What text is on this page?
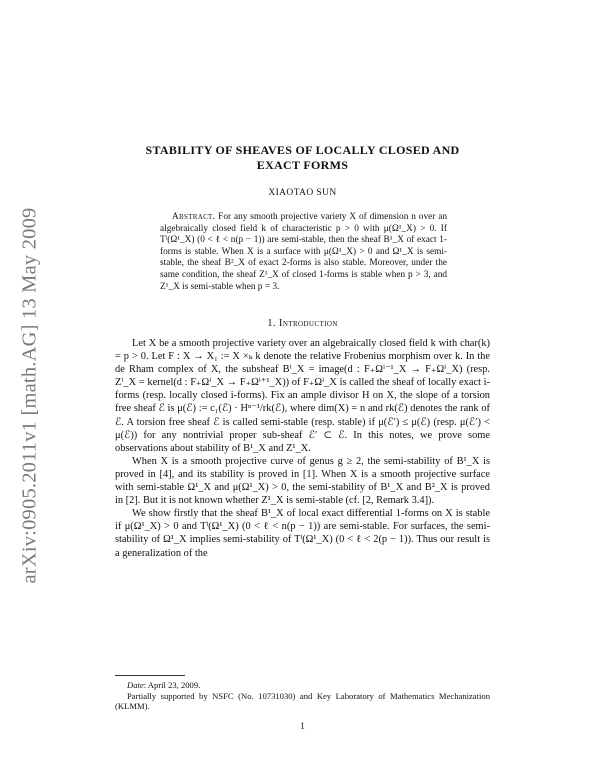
arXiv:0905.2011v1 [math.AG] 13 May 2009
STABILITY OF SHEAVES OF LOCALLY CLOSED AND
EXACT FORMS
XIAOTAO SUN
Abstract. For any smooth projective variety X of dimension n over an algebraically closed field k of characteristic p > 0 with μ(Ω¹_X) > 0. If Tˡ(Ω¹_X) (0 < ℓ < n(p − 1)) are semi-stable, then the sheaf B¹_X of exact 1-forms is stable. When X is a surface with μ(Ω¹_X) > 0 and Ω¹_X is semi-stable, the sheaf B²_X of exact 2-forms is also stable. Moreover, under the same condition, the sheaf Z¹_X of closed 1-forms is stable when p > 3, and Z¹_X is semi-stable when p = 3.
1. Introduction

Let X be a smooth projective variety over an algebraically closed field k with char(k) = p > 0. Let F : X → X₁ := X ×ₖ k denote the relative Frobenius morphism over k. In the de Rham complex of X, the subsheaf Bⁱ_X = image(d : F₊Ωⁱ⁻¹_X → F₊Ωⁱ_X) (resp. Zⁱ_X = kernel(d : F₊Ωⁱ_X → F₊Ωⁱ⁺¹_X)) of F₊Ωⁱ_X is called the sheaf of locally exact i-forms (resp. locally closed i-forms). Fix an ample divisor H on X, the slope of a torsion free sheaf ℰ is μ(ℰ) := c₁(ℰ) · Hⁿ⁻¹/rk(ℰ), where dim(X) = n and rk(ℰ) denotes the rank of ℰ. A torsion free sheaf ℰ is called semi-stable (resp. stable) if μ(ℰ′) ≤ μ(ℰ) (resp. μ(ℰ′) < μ(ℰ)) for any nontrivial proper sub-sheaf ℰ′ ⊂ ℰ. In this notes, we prove some observations about stability of B¹_X and Z¹_X.

When X is a smooth projective curve of genus g ≥ 2, the semi-stability of B¹_X is proved in [4], and its stability is proved in [1]. When X is a smooth projective surface with semi-stable Ω¹_X and μ(Ω¹_X) > 0, the semi-stability of B¹_X and B²_X is proved in [2]. But it is not known whether Z¹_X is semi-stable (cf. [2, Remark 3.4]).

We show firstly that the sheaf B¹_X of local exact differential 1-forms on X is stable if μ(Ω¹_X) > 0 and Tˡ(Ω¹_X) (0 < ℓ < n(p − 1)) are semi-stable. For surfaces, the semi-stability of Ω¹_X implies semi-stability of Tˡ(Ω¹_X) (0 < ℓ < 2(p − 1)). Thus our result is a generalization of the

Date: April 23, 2009.

Partially supported by NSFC (No. 10731030) and Key Laboratory of Mathematics Mechanization (KLMM).

1
